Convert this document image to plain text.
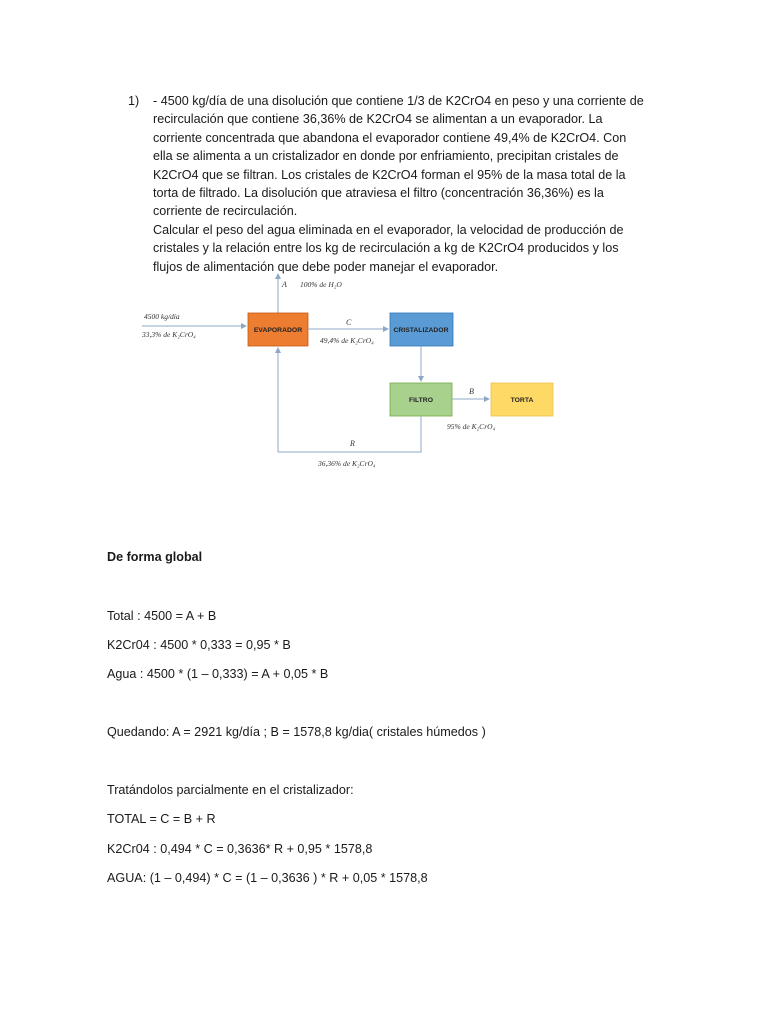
1) - 4500 kg/día de una disolución que contiene 1/3 de K2CrO4 en peso y una corriente de recirculación que contiene 36,36% de K2CrO4 se alimentan a un evaporador. La corriente concentrada que abandona el evaporador contiene 49,4% de K2CrO4. Con ella se alimenta a un cristalizador en donde por enfriamiento, precipitan cristales de K2CrO4 que se filtran. Los cristales de K2CrO4 forman el 95% de la masa total de la torta de filtrado. La disolución que atraviesa el filtro (concentración 36,36%) es la corriente de recirculación.

Calcular el peso del agua eliminada en el evaporador, la velocidad de producción de cristales y la relación entre los kg de recirculación a kg de K2CrO4 producidos y los flujos de alimentación que debe poder manejar el evaporador.

4500 kg/día
33,3% de K₂CrO₄
A 100% de H₂O
EVAPORADOR
C
49,4% de K₂CrO₄
CRISTALIZADOR
FILTRO
B
95% de K₂CrO₄
TORTA
R
36,36% de K₂CrO₄
De forma global
Total : 4500 = A + B
K2Cr04 : 4500 * 0,333 = 0,95 * B
Agua : 4500 * (1 – 0,333) = A + 0,05 * B
Quedando: A = 2921 kg/día ; B = 1578,8 kg/dia( cristales húmedos )
Tratándolos parcialmente en el cristalizador:
TOTAL = C = B + R
K2Cr04 : 0,494 * C = 0,3636* R + 0,95 * 1578,8
AGUA: (1 – 0,494) * C = (1 – 0,3636 ) * R + 0,05 * 1578,8
